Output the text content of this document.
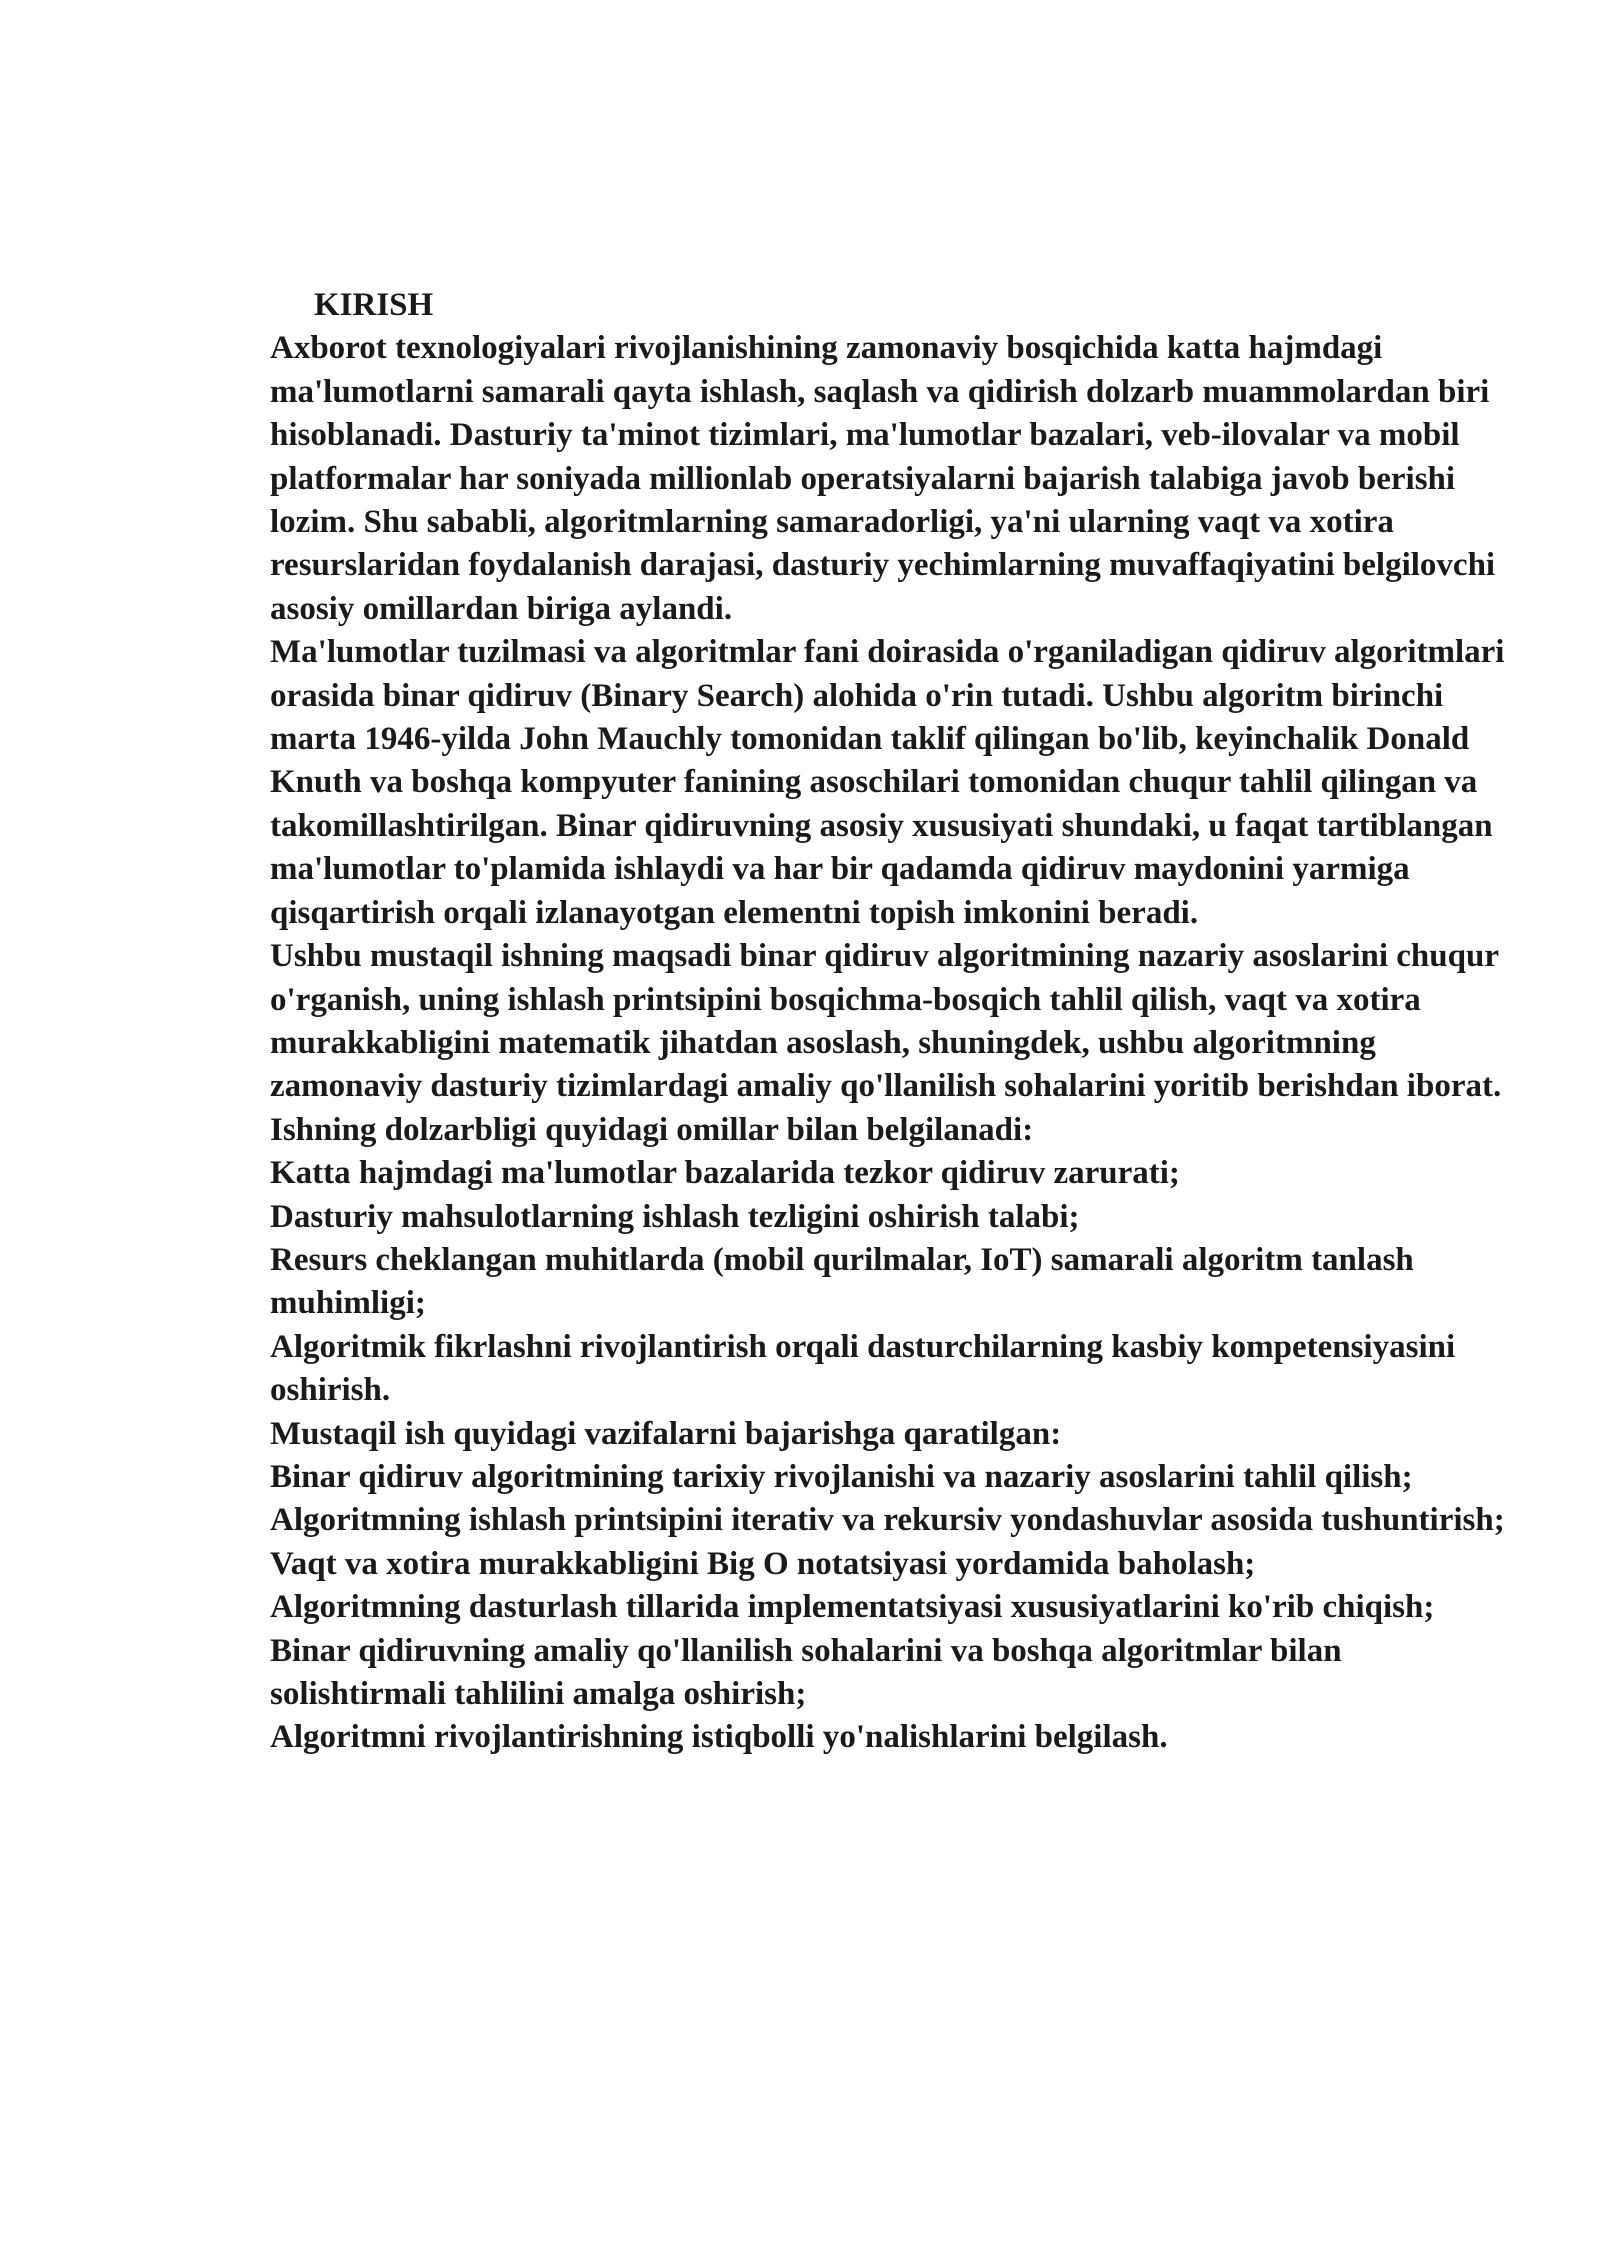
KIRISH

Axborot texnologiyalari rivojlanishining zamonaviy bosqichida katta hajmdagi ma'lumotlarni samarali qayta ishlash, saqlash va qidirish dolzarb muammolardan biri hisoblanadi. Dasturiy ta'minot tizimlari, ma'lumotlar bazalari, veb-ilovalar va mobil platformalar har soniyada millionlab operatsiyalarni bajarish talabiga javob berishi lozim. Shu sababli, algoritmlarning samaradorligi, ya'ni ularning vaqt va xotira resurslaridan foydalanish darajasi, dasturiy yechimlarning muvaffaqiyatini belgilovchi asosiy omillardan biriga aylandi.

Ma'lumotlar tuzilmasi va algoritmlar fani doirasida o'rganiladigan qidiruv algoritmlari orasida binar qidiruv (Binary Search) alohida o'rin tutadi. Ushbu algoritm birinchi marta 1946-yilda John Mauchly tomonidan taklif qilingan bo'lib, keyinchalik Donald Knuth va boshqa kompyuter fanining asoschilari tomonidan chuqur tahlil qilingan va takomillashtirilgan. Binar qidiruvning asosiy xususiyati shundaki, u faqat tartiblangan ma'lumotlar to'plamida ishlaydi va har bir qadamda qidiruv maydonini yarmiga qisqartirish orqali izlanayotgan elementni topish imkonini beradi.

Ushbu mustaqil ishning maqsadi binar qidiruv algoritmining nazariy asoslarini chuqur o'rganish, uning ishlash printsipini bosqichma-bosqich tahlil qilish, vaqt va xotira murakkabligini matematik jihatdan asoslash, shuningdek, ushbu algoritmning zamonaviy dasturiy tizimlardagi amaliy qo'llanilish sohalarini yoritib berishdan iborat.

Ishning dolzarbligi quyidagi omillar bilan belgilanadi:

Katta hajmdagi ma'lumotlar bazalarida tezkor qidiruv zarurati;

Dasturiy mahsulotlarning ishlash tezligini oshirish talabi;

Resurs cheklangan muhitlarda (mobil qurilmalar, IoT) samarali algoritm tanlash muhimligi;

Algoritmik fikrlashni rivojlantirish orqali dasturchilarning kasbiy kompetensiyasini oshirish.

Mustaqil ish quyidagi vazifalarni bajarishga qaratilgan:

Binar qidiruv algoritmining tarixiy rivojlanishi va nazariy asoslarini tahlil qilish;

Algoritmning ishlash printsipini iterativ va rekursiv yondashuvlar asosida tushuntirish;

Vaqt va xotira murakkabligini Big O notatsiyasi yordamida baholash;

Algoritmning dasturlash tillarida implementatsiyasi xususiyatlarini ko'rib chiqish;

Binar qidiruvning amaliy qo'llanilish sohalarini va boshqa algoritmlar bilan solishtirmali tahlilini amalga oshirish;

Algoritmni rivojlantirishning istiqbolli yo'nalishlarini belgilash.
